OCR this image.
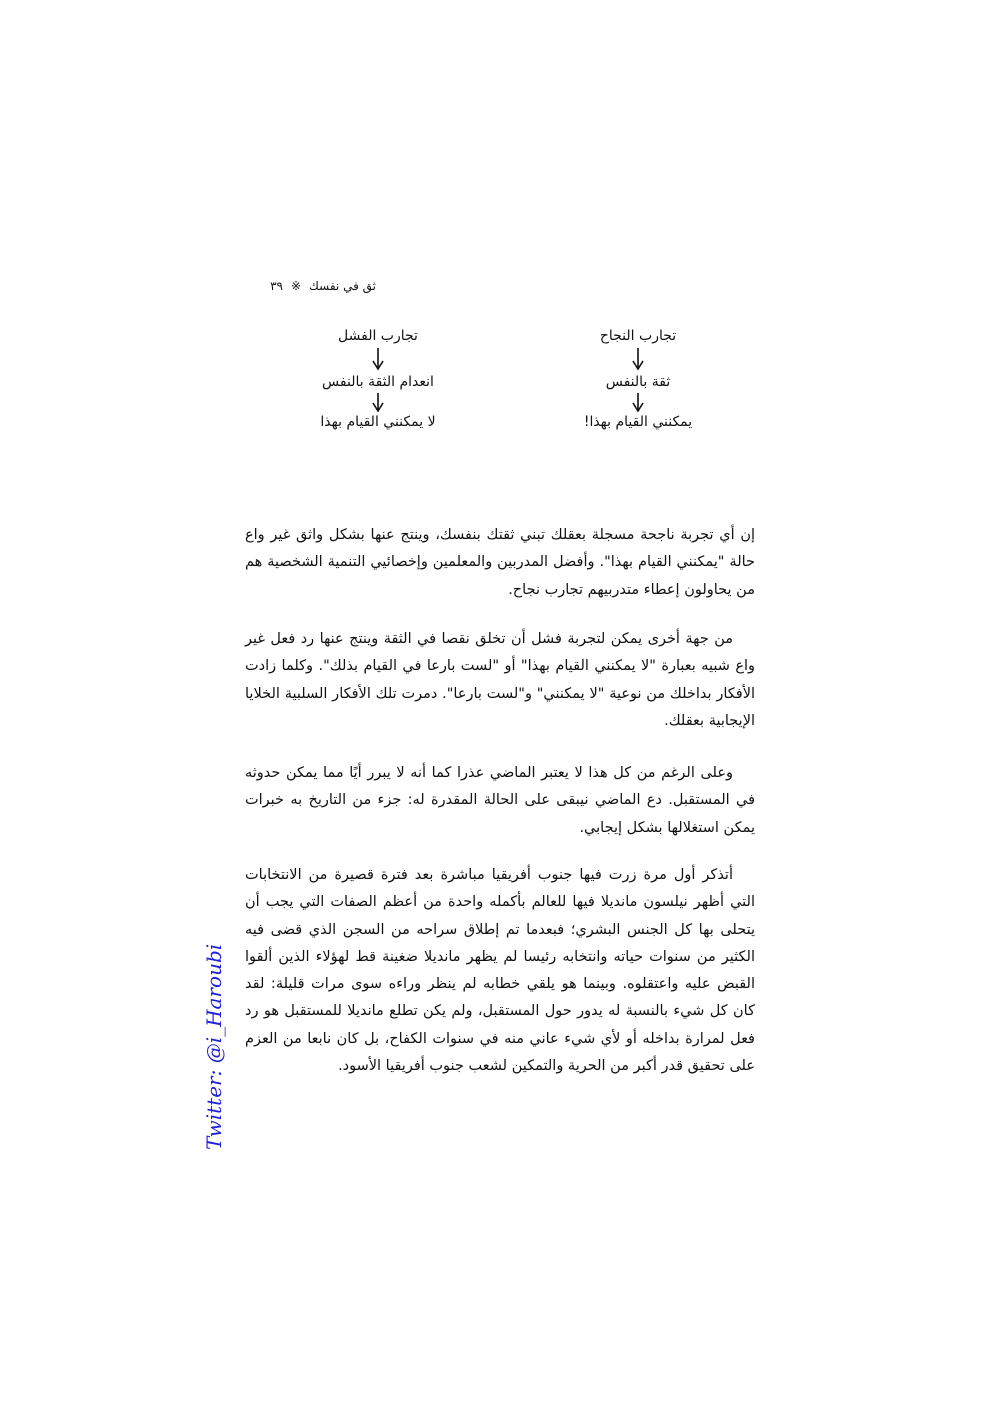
ثق في نفسك
※
٣٩
تجارب النجاح
ثقة بالنفس
يمكنني القيام بهذا!
تجارب الفشل
انعدام الثقة بالنفس
لا يمكنني القيام بهذا

إن أي تجربة ناجحة مسجلة بعقلك تبني ثقتك بنفسك، وينتج عنها بشكل واثق غير واع حالة "يمكنني القيام بهذا". وأفضل المدربين والمعلمين وإخصائيي التنمية الشخصية هم من يحاولون إعطاء متدربيهم تجارب نجاح.

من جهة أخرى يمكن لتجربة فشل أن تخلق نقصا في الثقة وينتج عنها رد فعل غير واع شبيه بعبارة "لا يمكنني القيام بهذا" أو "لست بارعا في القيام بذلك". وكلما زادت الأفكار بداخلك من نوعية "لا يمكنني" و"لست بارعا". دمرت تلك الأفكار السلبية الخلايا الإيجابية بعقلك.

وعلى الرغم من كل هذا لا يعتبر الماضي عذرا كما أنه لا يبرر أيًا مما يمكن حدوثه في المستقبل. دع الماضي نيبقى على الحالة المقدرة له: جزء من التاريخ به خبرات يمكن استغلالها بشكل إيجابي.

أتذكر أول مرة زرت فيها جنوب أفريقيا مباشرة بعد فترة قصيرة من الانتخابات التي أظهر نيلسون مانديلا فيها للعالم بأكمله واحدة من أعظم الصفات التي يجب أن يتحلى بها كل الجنس البشري؛ فبعدما تم إطلاق سراحه من السجن الذي قضى فيه الكثير من سنوات حياته وانتخابه رئيسا لم يظهر مانديلا ضغينة قط لهؤلاء الذين ألقوا القبض عليه واعتقلوه. وبينما هو يلقي خطابه لم ينظر وراءه سوى مرات قليلة: لقد كان كل شيء بالنسبة له يدور حول المستقبل، ولم يكن تطلع مانديلا للمستقبل هو رد فعل لمرارة بداخله أو لأي شيء عاني منه في سنوات الكفاح، بل كان نابعا من العزم على تحقيق قدر أكبر من الحرية والتمكين لشعب جنوب أفريقيا الأسود.

Twitter: @i_Haroubi
